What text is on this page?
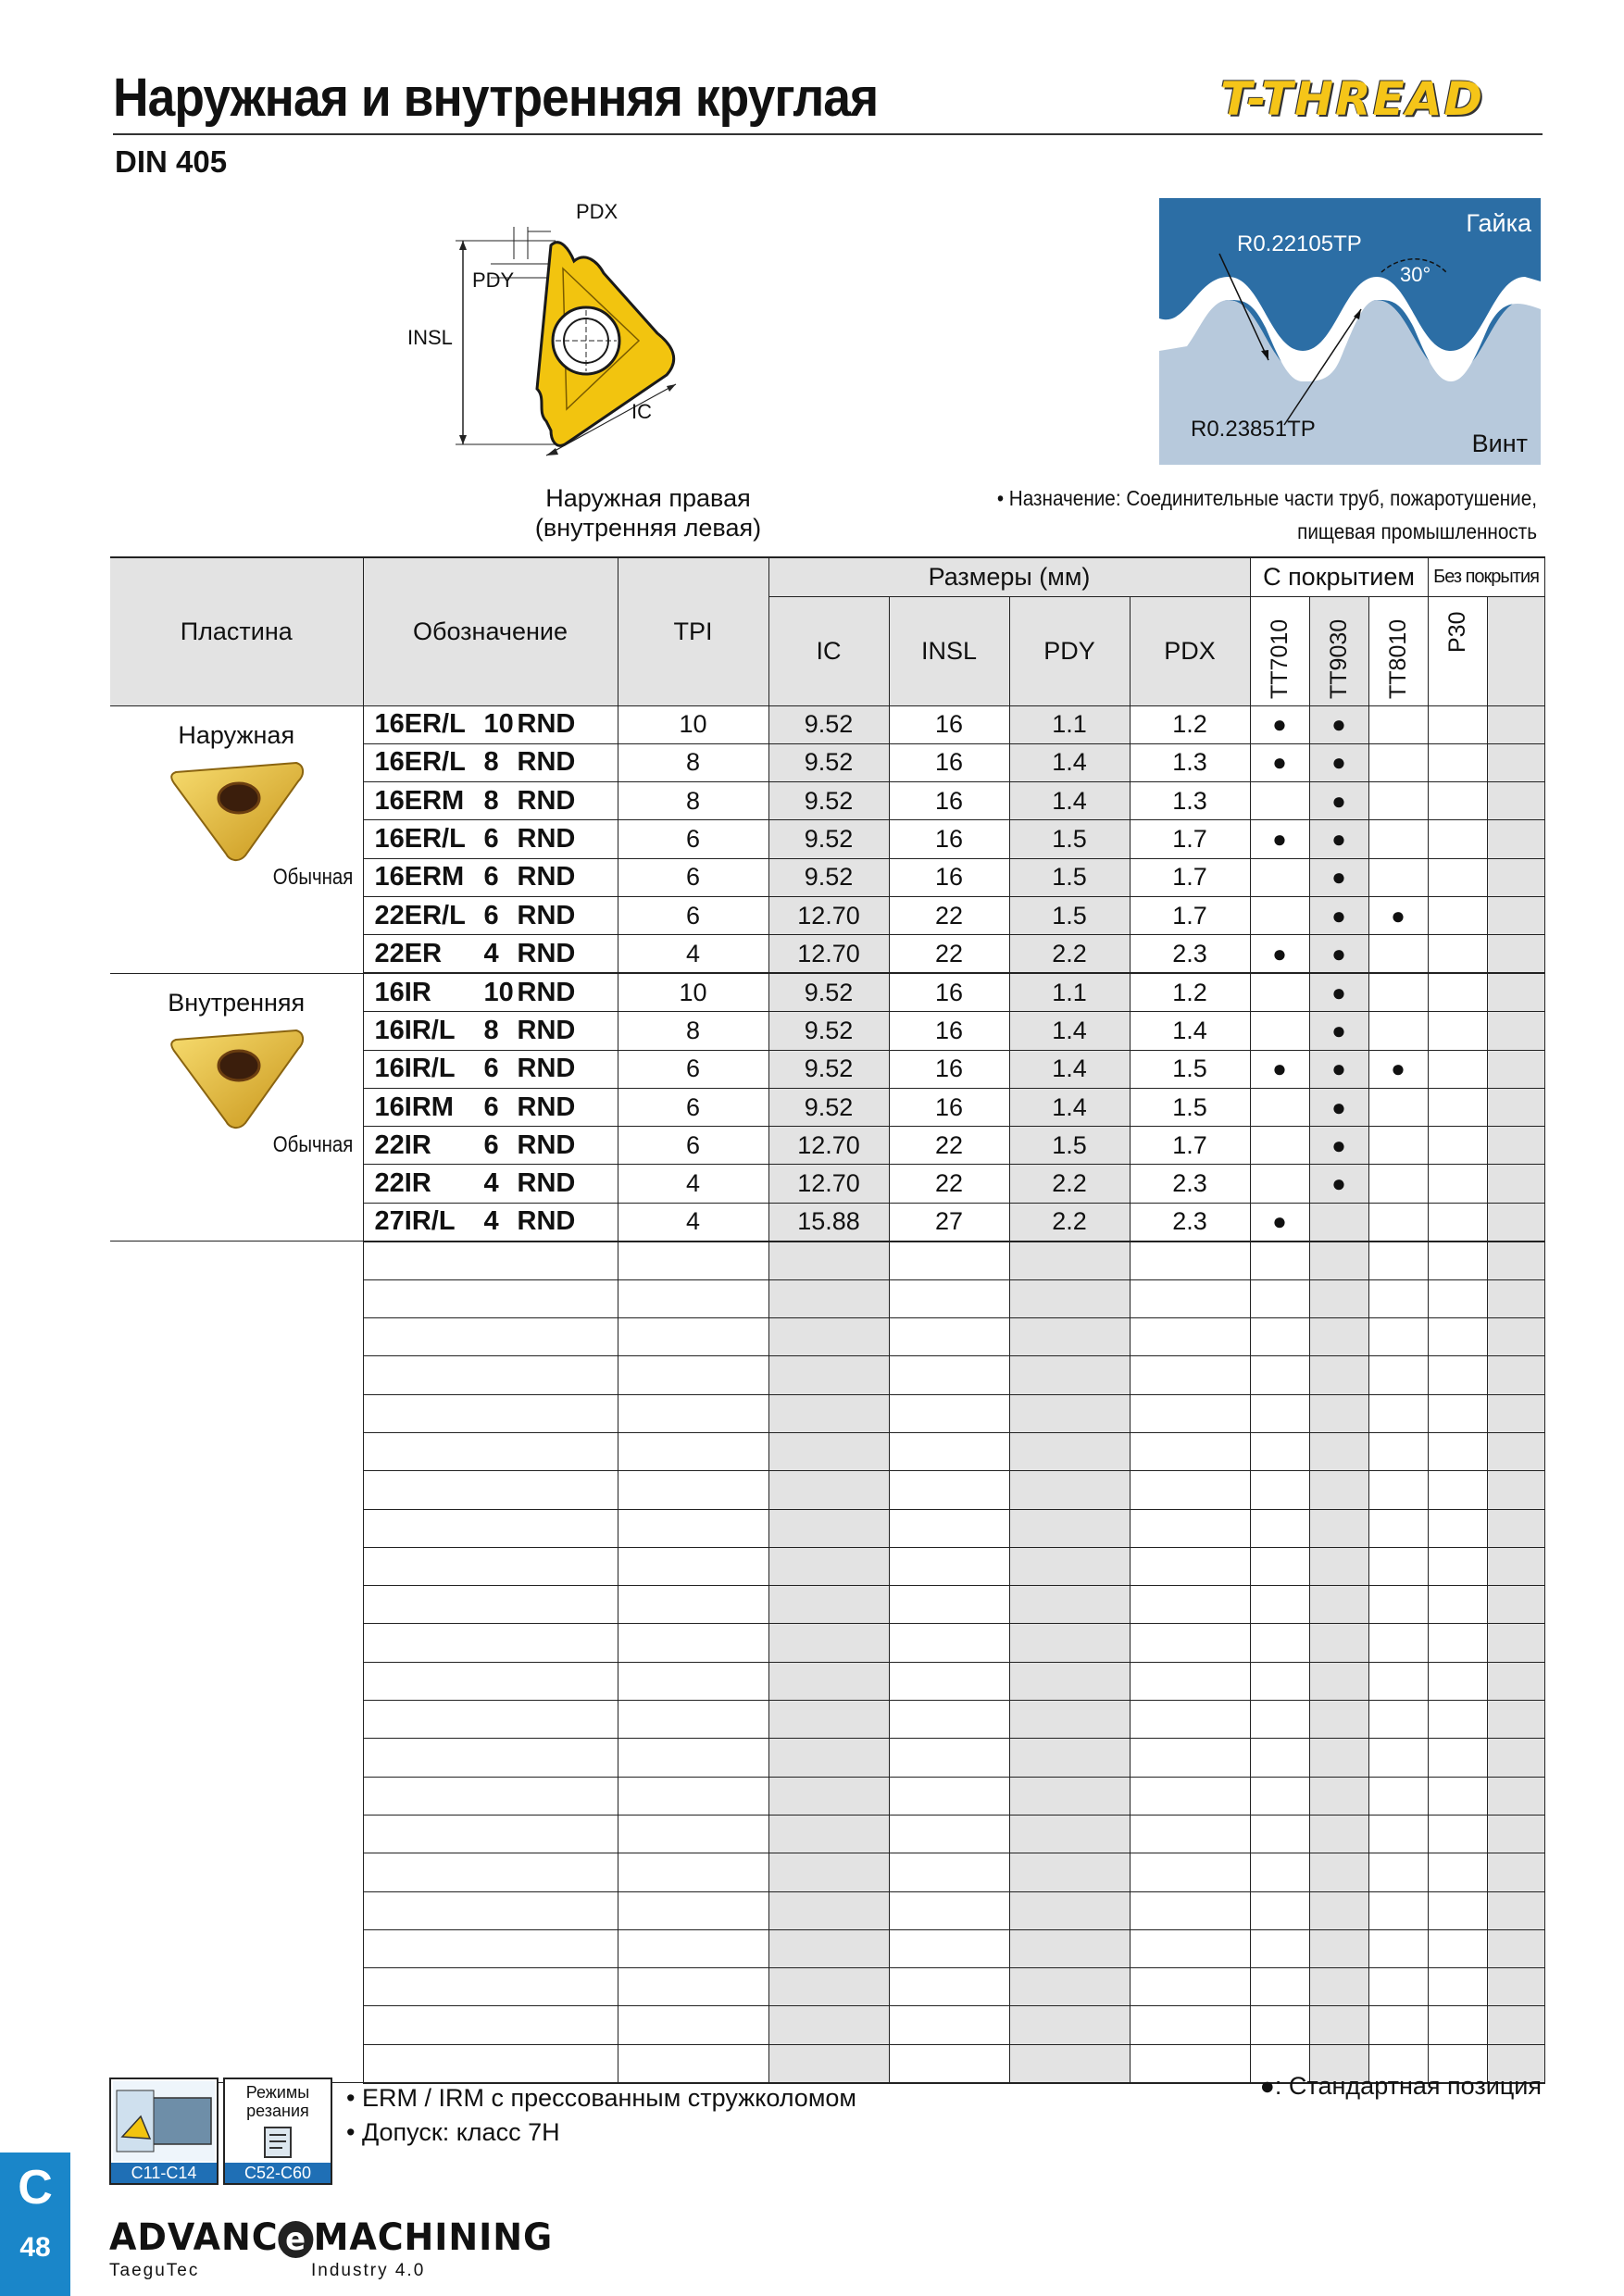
Наружная и внутренняя круглая
DIN 405
T-THREAD
PDX
PDY
INSL
IC
Наружная правая
(внутренняя левая)
Гайка
R0.22105TP
30°
R0.23851TP
Винт
• Назначение: Соединительные части труб, пожаротушение,
пищевая промышленность
Пластина	Обозначение	TPI	Размеры (мм)				С покрытием			Без покрытия	
			IC	INSL	PDY	PDX	TT7010	TT9030	TT8010	P30	

Наружная
Обычная	16ER/L 10 RND	10	9.52	16	1.1	1.2	●	●			
	16ER/L 8 RND	8	9.52	16	1.4	1.3	●	●			
	16ERM 8 RND	8	9.52	16	1.4	1.3		●			
	16ER/L 6 RND	6	9.52	16	1.5	1.7	●	●			
	16ERM 6 RND	6	9.52	16	1.5	1.7		●			
	22ER/L 6 RND	6	12.70	22	1.5	1.7		●	●		
	22ER 4 RND	4	12.70	22	2.2	2.3	●	●			

Внутренняя
Обычная	16IR 10 RND	10	9.52	16	1.1	1.2		●			
	16IR/L 8 RND	8	9.52	16	1.4	1.4		●			
	16IR/L 6 RND	6	9.52	16	1.4	1.5	●	●	●		
	16IRM 6 RND	6	9.52	16	1.4	1.5		●			
	22IR 6 RND	6	12.70	22	1.5	1.7		●			
	22IR 4 RND	4	12.70	22	2.2	2.3		●			
	27IR/L 4 RND	4	15.88	27	2.2	2.3	●				

C11-C14
Режимы резания
C52-C60
• ERM / IRM с прессованным стружколомом
• Допуск: класс 7H
●: Стандартная позиция
C
48	ADVANC e MACHINING
TaeguTec	Industry 4.0
